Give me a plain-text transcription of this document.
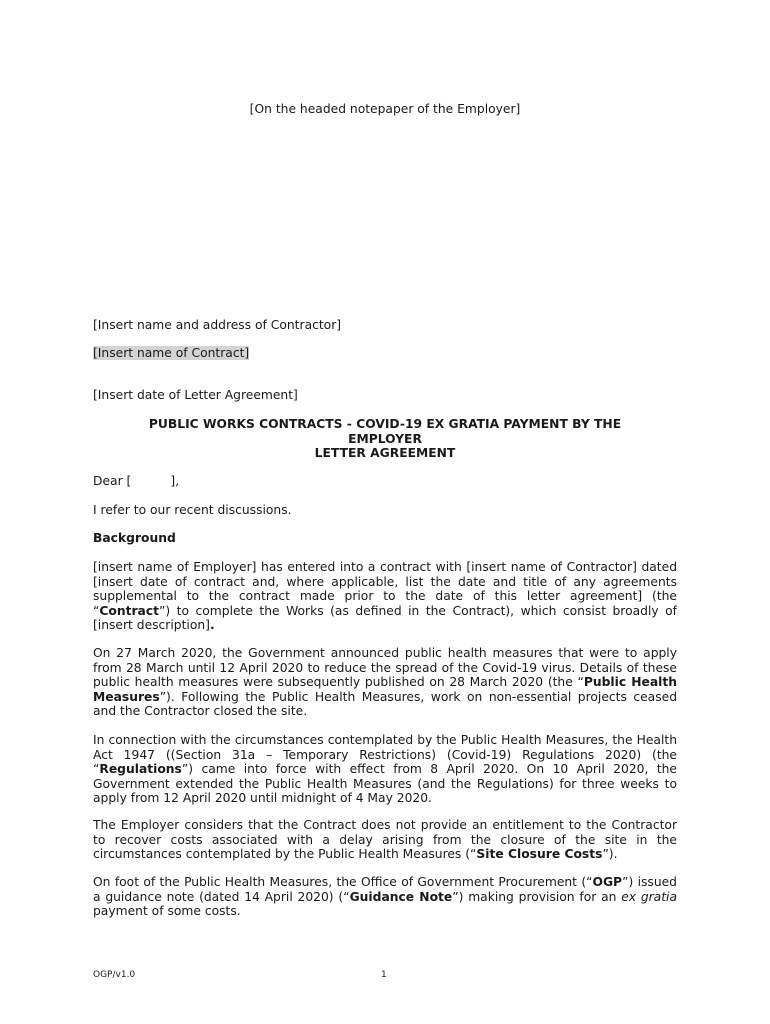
[On the headed notepaper of the Employer]
[Insert name and address of Contractor]
[Insert name of Contract]
[Insert date of Letter Agreement]
PUBLIC WORKS CONTRACTS - COVID-19 EX GRATIA PAYMENT BY THE
EMPLOYER
LETTER AGREEMENT
Dear [          ],
I refer to our recent discussions.
Background
[insert name of Employer] has entered into a contract with [insert name of Contractor] dated [insert date of contract and, where applicable, list the date and title of any agreements supplemental to the contract made prior to the date of this letter agreement] (the “Contract”) to complete the Works (as defined in the Contract), which consist broadly of [insert description].
On 27 March 2020, the Government announced public health measures that were to apply from 28 March until 12 April 2020 to reduce the spread of the Covid-19 virus. Details of these public health measures were subsequently published on 28 March 2020 (the “Public Health Measures”). Following the Public Health Measures, work on non-essential projects ceased and the Contractor closed the site.
In connection with the circumstances contemplated by the Public Health Measures, the Health Act 1947 ((Section 31a – Temporary Restrictions) (Covid-19) Regulations 2020) (the “Regulations”) came into force with effect from 8 April 2020. On 10 April 2020, the Government extended the Public Health Measures (and the Regulations) for three weeks to apply from 12 April 2020 until midnight of 4 May 2020.
The Employer considers that the Contract does not provide an entitlement to the Contractor to recover costs associated with a delay arising from the closure of the site in the circumstances contemplated by the Public Health Measures (“Site Closure Costs”).
On foot of the Public Health Measures, the Office of Government Procurement (“OGP”) issued a guidance note (dated 14 April 2020) (“Guidance Note”) making provision for an ex gratia payment of some costs.
OGP/v1.0	1
